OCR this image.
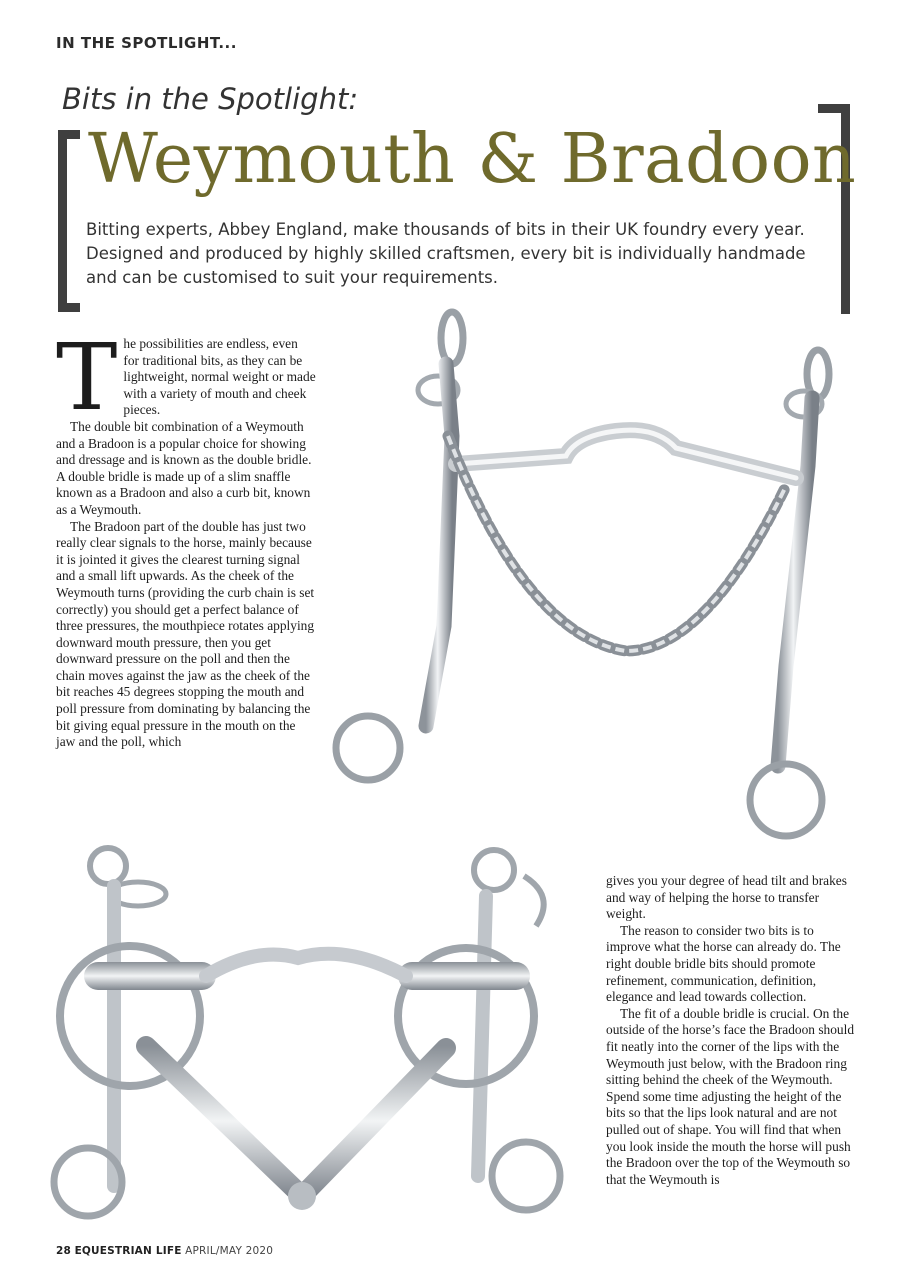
IN THE SPOTLIGHT...
Bits in the Spotlight:
Weymouth & Bradoon
Bitting experts, Abbey England, make thousands of bits in their UK foundry every year. Designed and produced by highly skilled craftsmen, every bit is individually handmade and can be customised to suit your requirements.
T he possibilities are endless, even for traditional bits, as they can be lightweight, normal weight or made with a variety of mouth and cheek pieces.

The double bit combination of a Weymouth and a Bradoon is a popular choice for showing and dressage and is known as the double bridle. A double bridle is made up of a slim snaffle known as a Bradoon and also a curb bit, known as a Weymouth.

The Bradoon part of the double has just two really clear signals to the horse, mainly because it is jointed it gives the clearest turning signal and a small lift upwards. As the cheek of the Weymouth turns (providing the curb chain is set correctly) you should get a perfect balance of three pressures, the mouthpiece rotates applying downward mouth pressure, then you get downward pressure on the poll and then the chain moves against the jaw as the cheek of the bit reaches 45 degrees stopping the mouth and poll pressure from dominating by balancing the bit giving equal pressure in the mouth on the jaw and the poll, which

gives you your degree of head tilt and brakes and way of helping the horse to transfer weight.

The reason to consider two bits is to improve what the horse can already do. The right double bridle bits should promote refinement, communication, definition, elegance and lead towards collection.

The fit of a double bridle is crucial. On the outside of the horse’s face the Bradoon should fit neatly into the corner of the lips with the Weymouth just below, with the Bradoon ring sitting behind the cheek of the Weymouth. Spend some time adjusting the height of the bits so that the lips look natural and are not pulled out of shape. You will find that when you look inside the mouth the horse will push the Bradoon over the top of the Weymouth so that the Weymouth is

28 EQUESTRIAN LIFE APRIL/MAY 2020
